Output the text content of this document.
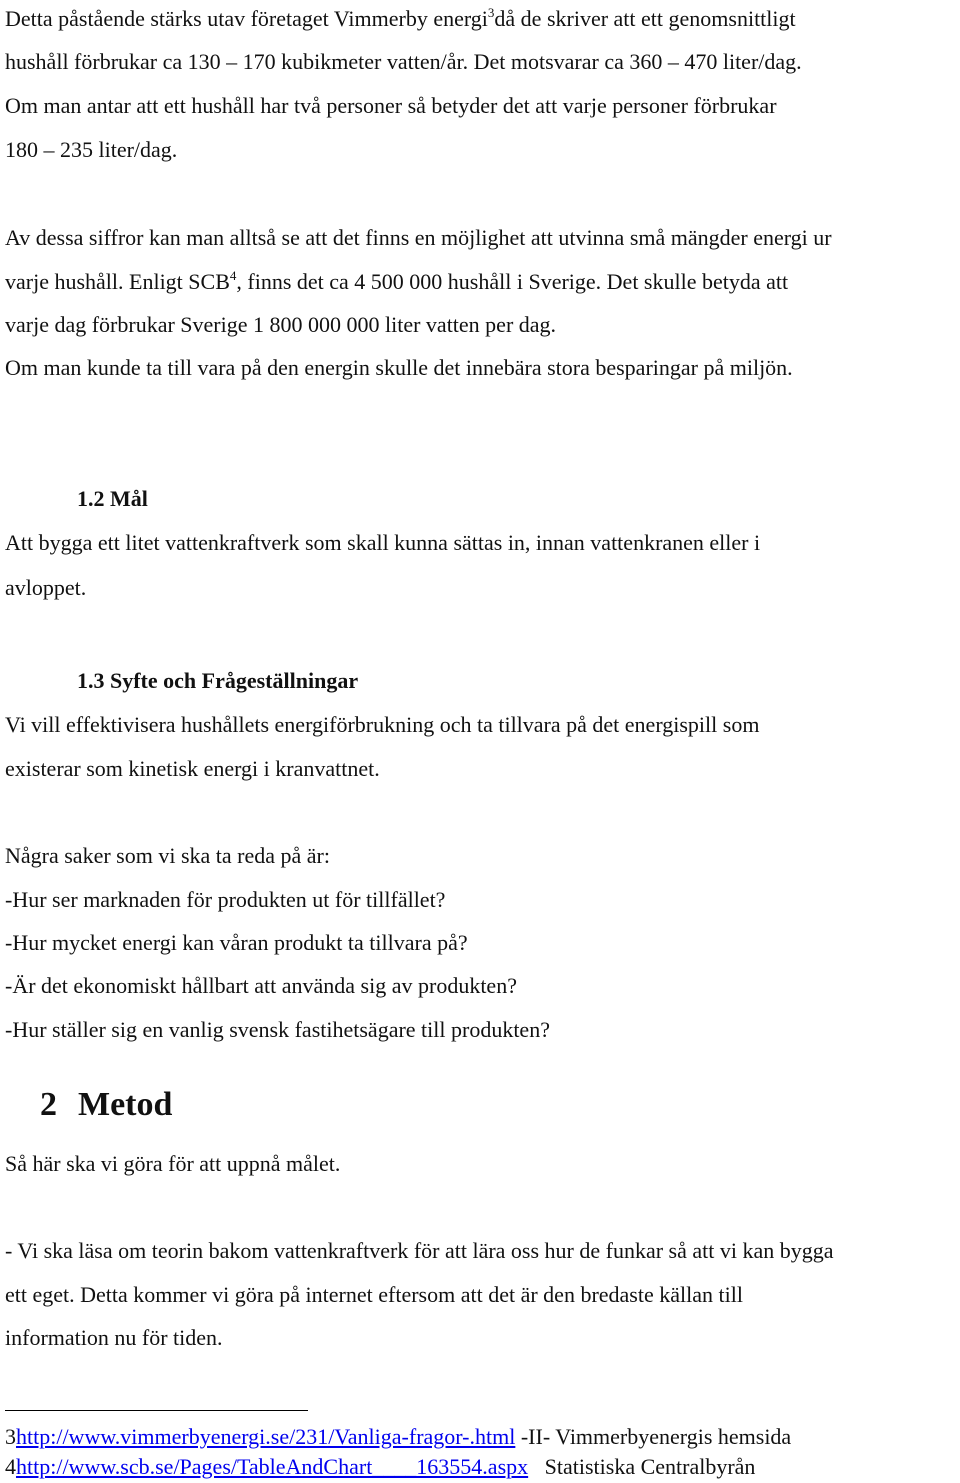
Detta påstående stärks utav företaget Vimmerby energi$^3$då de skriver att ett genomsnittligt
hushåll förbrukar ca 130 – 170 kubikmeter vatten/år. Det motsvarar ca 360 – 470 liter/dag.
Om man antar att ett hushåll har två personer så betyder det att varje personer förbrukar
180 – 235 liter/dag.
Av dessa siffror kan man alltså se att det finns en möjlighet att utvinna små mängder energi ur
varje hushåll. Enligt SCB$^4$, finns det ca 4 500 000 hushåll i Sverige. Det skulle betyda att
varje dag förbrukar Sverige 1 800 000 000 liter vatten per dag.
Om man kunde ta till vara på den energin skulle det innebära stora besparingar på miljön.
1.2 Mål
Att bygga ett litet vattenkraftverk som skall kunna sättas in, innan vattenkranen eller i
avloppet.
1.3 Syfte och Frågeställningar
Vi vill effektivisera hushållets energiförbrukning och ta tillvara på det energispill som
existerar som kinetisk energi i kranvattnet.
Några saker som vi ska ta reda på är:
-Hur ser marknaden för produkten ut för tillfället?
-Hur mycket energi kan våran produkt ta tillvara på?
-Är det ekonomiskt hållbart att använda sig av produkten?
-Hur ställer sig en vanlig svensk fastihetsägare till produkten?
2 Metod
Så här ska vi göra för att uppnå målet.
- Vi ska läsa om teorin bakom vattenkraftverk för att lära oss hur de funkar så att vi kan bygga
ett eget. Detta kommer vi göra på internet eftersom att det är den bredaste källan till
information nu för tiden.
3http://www.vimmerbyenergi.se/231/Vanliga-fragor-.html -II- Vimmerbyenergis hemsida
4http://www.scb.se/Pages/TableAndChart____163554.aspx   Statistiska Centralbyrån
